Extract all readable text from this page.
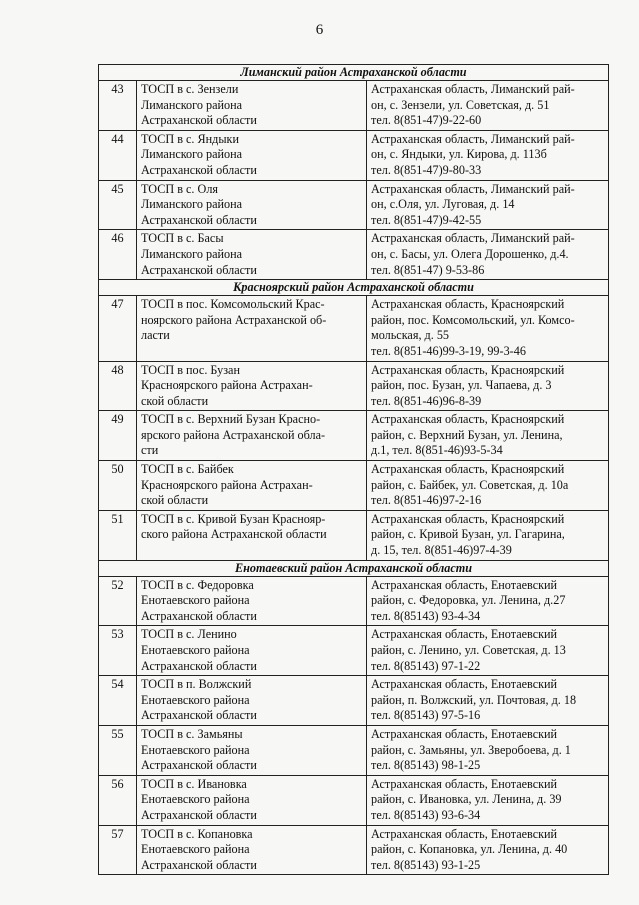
6
Лиманский район Астраханской области		
43	ТОСП в с. Зензели
Лиманского района
Астраханской области	Астраханская область, Лиманский рай-
он, с. Зензели, ул. Советская, д. 51
тел. 8(851-47)9-22-60

44	ТОСП в с. Яндыки
Лиманского района
Астраханской области	Астраханская область, Лиманский рай-
он, с. Яндыки, ул. Кирова, д. 113б
тел. 8(851-47)9-80-33

45	ТОСП в с. Оля
Лиманского района
Астраханской области	Астраханская область, Лиманский рай-
он, с.Оля, ул. Луговая, д. 14
тел. 8(851-47)9-42-55

46	ТОСП в с. Басы
Лиманского района
Астраханской области	Астраханская область, Лиманский рай-
он, с. Басы, ул. Олега Дорошенко, д.4.
тел. 8(851-47) 9-53-86

Красноярский район Астраханской области		
47	ТОСП в пос. Комсомольский Крас-
ноярского района Астраханской об-
ласти	Астраханская область, Красноярский
район, пос. Комсомольский, ул. Комсо-
мольская, д. 55
тел. 8(851-46)99-3-19, 99-3-46

48	ТОСП в пос. Бузан
Красноярского района Астрахан-
ской области	Астраханская область, Красноярский
район, пос. Бузан, ул. Чапаева, д. 3
тел. 8(851-46)96-8-39

49	ТОСП в с. Верхний Бузан Красно-
ярского района Астраханской обла-
сти	Астраханская область, Красноярский
район, с. Верхний Бузан, ул. Ленина,
д.1, тел. 8(851-46)93-5-34

50	ТОСП в с. Байбек
Красноярского района Астрахан-
ской области	Астраханская область, Красноярский
район, с. Байбек, ул. Советская, д. 10а
тел. 8(851-46)97-2-16

51	ТОСП в с. Кривой Бузан Краснояр-
ского района Астраханской области	Астраханская область, Красноярский
район, с. Кривой Бузан, ул. Гагарина,
д. 15, тел. 8(851-46)97-4-39

Енотаевский район Астраханской области		
52	ТОСП в с. Федоровка
Енотаевского района
Астраханской области	Астраханская область, Енотаевский
район, с. Федоровка, ул. Ленина, д.27
тел. 8(85143) 93-4-34

53	ТОСП в с. Ленино
Енотаевского района
Астраханской области	Астраханская область, Енотаевский
район, с. Ленино, ул. Советская, д. 13
тел. 8(85143) 97-1-22

54	ТОСП в п. Волжский
Енотаевского района
Астраханской области	Астраханская область, Енотаевский
район, п. Волжский, ул. Почтовая, д. 18
тел. 8(85143) 97-5-16

55	ТОСП в с. Замьяны
Енотаевского района
Астраханской области	Астраханская область, Енотаевский
район, с. Замьяны, ул. Зверобоева, д. 1
тел. 8(85143) 98-1-25

56	ТОСП в с. Ивановка
Енотаевского района
Астраханской области	Астраханская область, Енотаевский
район, с. Ивановка, ул. Ленина, д. 39
тел. 8(85143) 93-6-34

57	ТОСП в с. Копановка
Енотаевского района
Астраханской области	Астраханская область, Енотаевский
район, с. Копановка, ул. Ленина, д. 40
тел. 8(85143) 93-1-25
